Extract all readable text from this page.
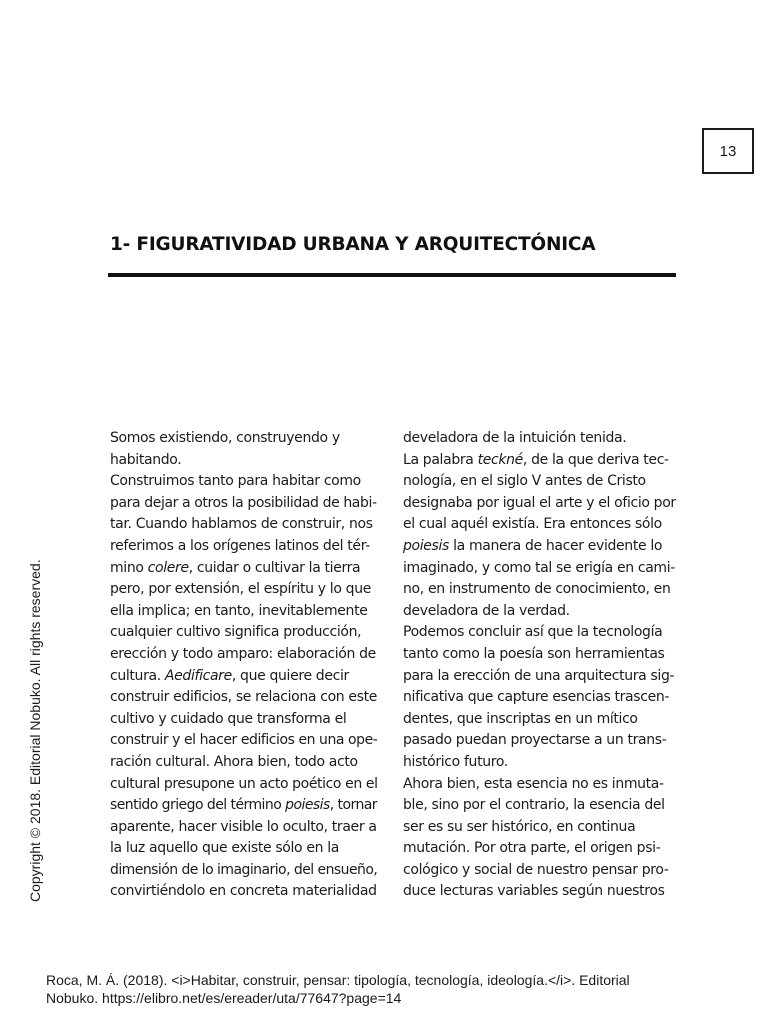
13
1- FIGURATIVIDAD URBANA Y ARQUITECTÓNICA
Somos existiendo, construyendo y
habitando.
Construimos tanto para habitar como
para dejar a otros la posibilidad de habi-
tar. Cuando hablamos de construir, nos
referimos a los orígenes latinos del tér-
mino colere, cuidar o cultivar la tierra
pero, por extensión, el espíritu y lo que
ella implica; en tanto, inevitablemente
cualquier cultivo significa producción,
erección y todo amparo: elaboración de
cultura. Aedificare, que quiere decir
construir edificios, se relaciona con este
cultivo y cuidado que transforma el
construir y el hacer edificios en una ope-
ración cultural. Ahora bien, todo acto
cultural presupone un acto poético en el
sentido griego del término poiesis, tornar
aparente, hacer visible lo oculto, traer a
la luz aquello que existe sólo en la
dimensión de lo imaginario, del ensueño,
convirtiéndolo en concreta materialidad
develadora de la intuición tenida.
La palabra teckné, de la que deriva tec-
nología, en el siglo V antes de Cristo
designaba por igual el arte y el oficio por
el cual aquél existía. Era entonces sólo
poiesis la manera de hacer evidente lo
imaginado, y como tal se erigía en cami-
no, en instrumento de conocimiento, en
develadora de la verdad.
Podemos concluir así que la tecnología
tanto como la poesía son herramientas
para la erección de una arquitectura sig-
nificativa que capture esencias trascen-
dentes, que inscriptas en un mítico
pasado puedan proyectarse a un trans-
histórico futuro.
Ahora bien, esta esencia no es inmuta-
ble, sino por el contrario, la esencia del
ser es su ser histórico, en continua
mutación. Por otra parte, el origen psi-
cológico y social de nuestro pensar pro-
duce lecturas variables según nuestros
Copyright © 2018. Editorial Nobuko. All rights reserved.
Roca, M. Á. (2018). <i>Habitar, construir, pensar: tipología, tecnología, ideología.</i>. Editorial
Nobuko. https://elibro.net/es/ereader/uta/77647?page=14
